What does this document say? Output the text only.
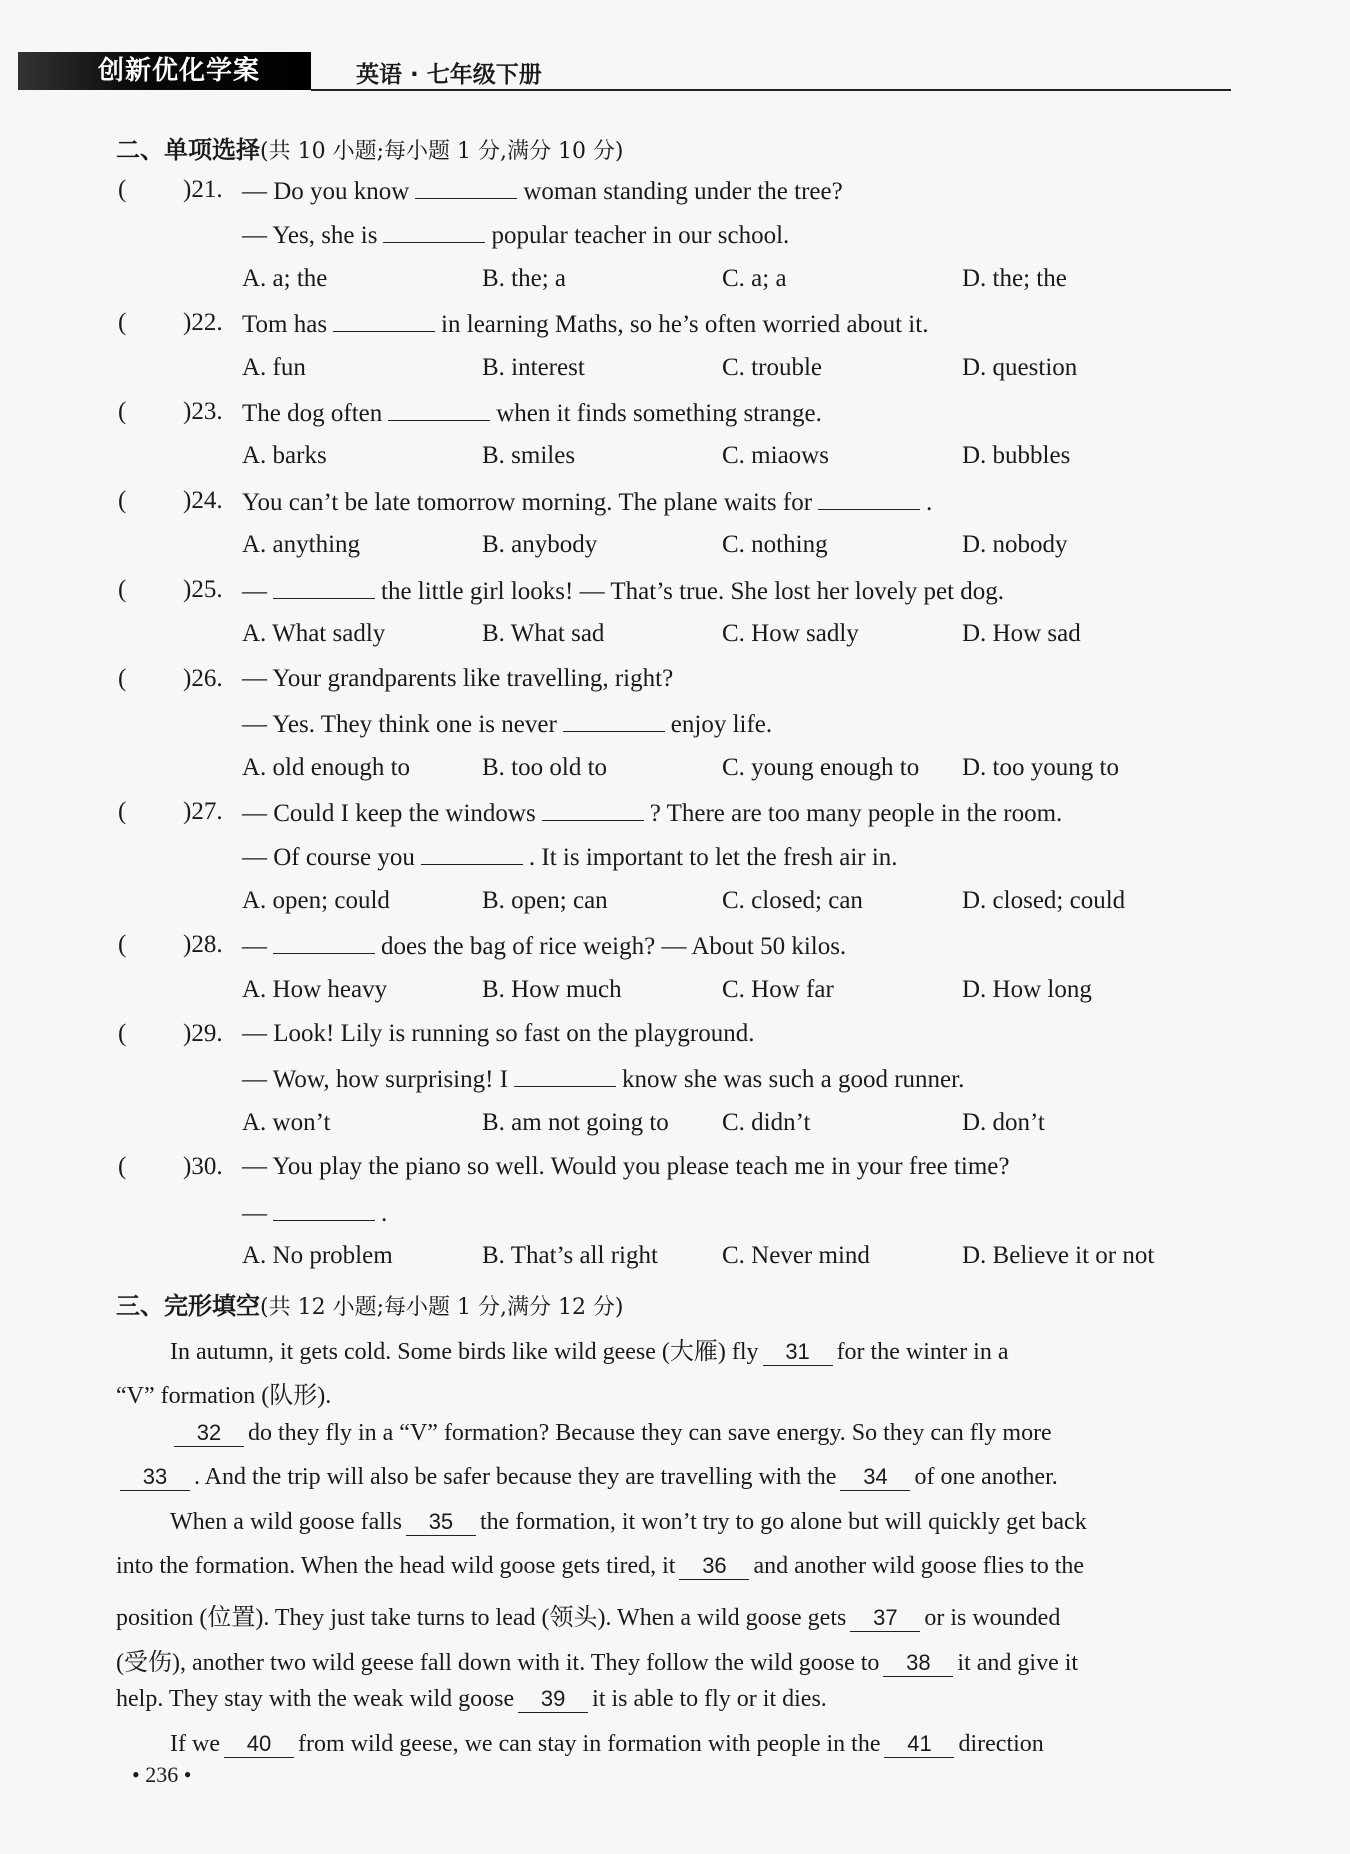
创新优化学案	英语 · 七年级下册
二、单项选择(共 10 小题;每小题 1 分,满分 10 分)
( )21. — Do you know	woman standing under the tree?
— Yes, she is	popular teacher in our school.
A. a; the	B. the; a	C. a; a	D. the; the
( )22. Tom has	in learning Maths, so he’s often worried about it.
A. fun	B. interest	C. trouble	D. question
( )23. The dog often	when it finds something strange.
A. barks	B. smiles	C. miaows	D. bubbles
( )24. You can’t be late tomorrow morning. The plane waits for	.
A. anything	B. anybody	C. nothing	D. nobody
( )25. —	the little girl looks! — That’s true. She lost her lovely pet dog.
A. What sadly	B. What sad	C. How sadly	D. How sad
( )26. — Your grandparents like travelling, right?
— Yes. They think one is never	enjoy life.
A. old enough to	B. too old to	C. young enough to D. too young to
( )27. — Could I keep the windows	? There are too many people in the room.
— Of course you	. It is important to let the fresh air in.
A. open; could	B. open; can	C. closed; can	D. closed; could
( )28. —	does the bag of rice weigh? — About 50 kilos.
A. How heavy	B. How much	C. How far	D. How long
( )29. — Look! Lily is running so fast on the playground.
— Wow, how surprising! I	know she was such a good runner.
A. won’t	B. am not going to C. didn’t	D. don’t
( )30. — You play the piano so well. Would you please teach me in your free time?
—	.
A. No problem	B. That’s all right	C. Never mind	D. Believe it or not
三、完形填空(共 12 小题;每小题 1 分,满分 12 分)
In autumn, it gets cold. Some birds like wild geese (大雁) fly 31 for the winter in a
“V” formation (队形).
32 do they fly in a “V” formation? Because they can save energy. So they can fly more
33 . And the trip will also be safer because they are travelling with the 34 of one another.
When a wild goose falls 35 the formation, it won’t try to go alone but will quickly get back
into the formation. When the head wild goose gets tired, it 36 and another wild goose flies to the
position (位置). They just take turns to lead (领头). When a wild goose gets 37 or is wounded
(受伤), another two wild geese fall down with it. They follow the wild goose to 38 it and give it
help. They stay with the weak wild goose 39 it is able to fly or it dies.
If we 40 from wild geese, we can stay in formation with people in the 41 direction
• 236 •
